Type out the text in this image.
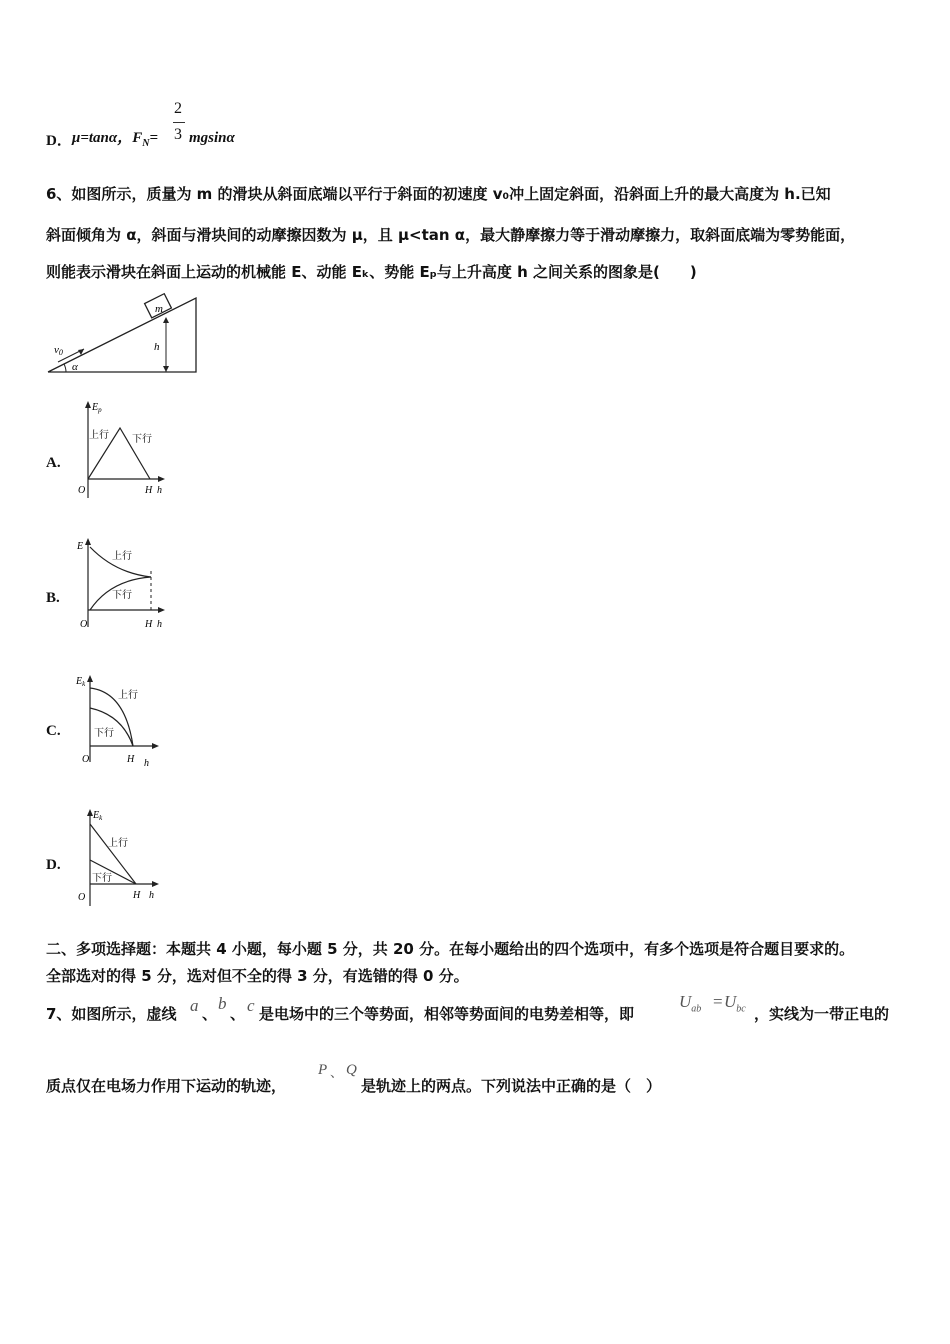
D． μ=tanα，$F_N=$
2
3 mgsinα
6、如图所示，质量为 m 的滑块从斜面底端以平行于斜面的初速度 v₀冲上固定斜面，沿斜面上升的最大高度为 h.已知
斜面倾角为 α，斜面与滑块间的动摩擦因数为 μ，且 μ<tan α，最大静摩擦力等于滑动摩擦力，取斜面底端为零势能面，
则能表示滑块在斜面上运动的机械能 E、动能 Eₖ、势能 Eₚ与上升高度 h 之间关系的图象是(　　)
m
h
v0
α
A.
$E_p$
上行 下行
O	H h
B.
E
上行
下行
O	H h
C.
$E_k$
上行
下行
O	H h
D.
$E_k$
上行
下行
O	H h
二、多项选择题：本题共 4 小题，每小题 5 分，共 20 分。在每小题给出的四个选项中，有多个选项是符合题目要求的。
全部选对的得 5 分，选对但不全的得 3 分，有选错的得 0 分。
7、如图所示，虚线 a 、
b
、 c 是电场中的三个等势面，相邻等势面间的电势差相等，即
$U_{ab} = U_{bc}$ ，实线为一带正电的
质点仅在电场力作用下运动的轨迹，
P 、 Q
是轨迹上的两点。下列说法中正确的是（　）
